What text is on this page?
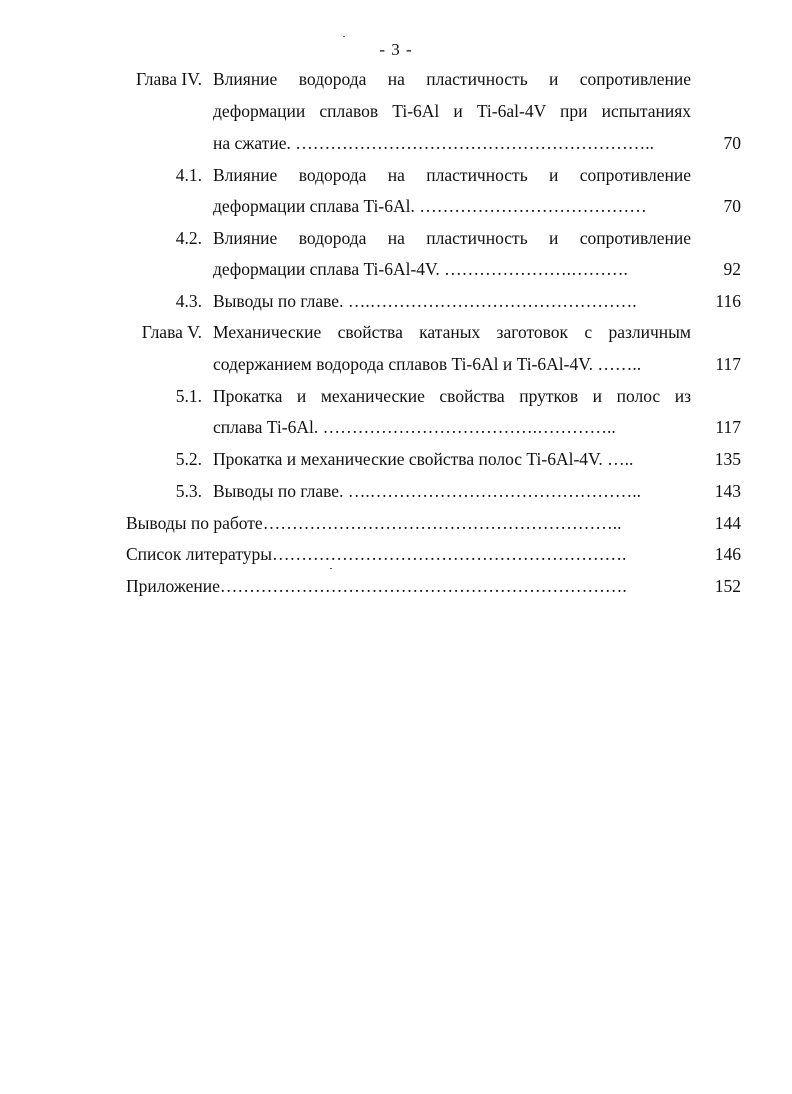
- 3 -
Глава IV. Влияние водорода на пластичность и сопротивление
деформации сплавов Ti-6Al и Ti-6al-4V при испытаниях
на сжатие. ……………………………………………………..	70
4.1. Влияние водорода на пластичность и сопротивление
деформации сплава Ti-6Al. …………………………………	70
4.2. Влияние водорода на пластичность и сопротивление
деформации сплава Ti-6Al-4V. ………………….……….	92
4.3. Выводы по главе. ….……………………………………….	116
Глава V. Механические свойства катаных заготовок с различным
содержанием водорода сплавов Ti-6Al и Ti-6Al-4V. ……..	117
5.1. Прокатка и механические свойства прутков и полос из
сплава Ti-6Al. ……………………………….…………..	117
5.2. Прокатка и механические свойства полос Ti-6Al-4V. …..	135
5.3. Выводы по главе. ….………………………………………..	143
Выводы по работе……………………………………………………..	144
Список литературы…………………………………………………….	146
Приложение…………………………………………………………….	152
